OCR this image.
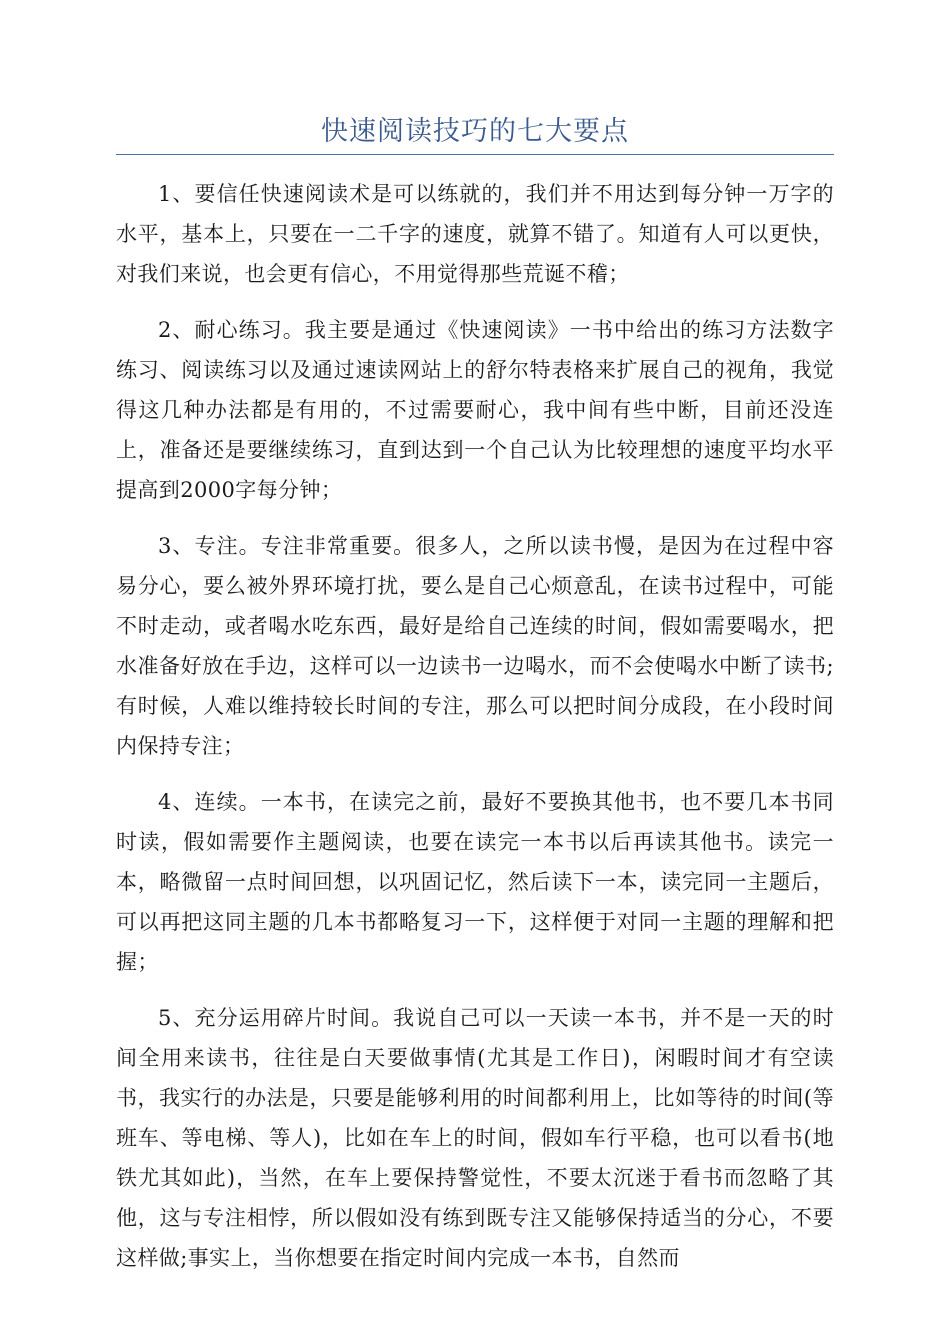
快速阅读技巧的七大要点

1、要信任快速阅读术是可以练就的，我们并不用达到每分钟一万字的水平，基本上，只要在一二千字的速度，就算不错了。知道有人可以更快，对我们来说，也会更有信心，不用觉得那些荒诞不稽；

2、耐心练习。我主要是通过《快速阅读》一书中给出的练习方法数字练习、阅读练习以及通过速读网站上的舒尔特表格来扩展自己的视角，我觉得这几种办法都是有用的，不过需要耐心，我中间有些中断，目前还没连上，准备还是要继续练习，直到达到一个自己认为比较理想的速度平均水平提高到2000字每分钟；

3、专注。专注非常重要。很多人，之所以读书慢，是因为在过程中容易分心，要么被外界环境打扰，要么是自己心烦意乱，在读书过程中，可能不时走动，或者喝水吃东西，最好是给自己连续的时间，假如需要喝水，把水准备好放在手边，这样可以一边读书一边喝水，而不会使喝水中断了读书;有时候，人难以维持较长时间的专注，那么可以把时间分成段，在小段时间内保持专注；

4、连续。一本书，在读完之前，最好不要换其他书，也不要几本书同时读，假如需要作主题阅读，也要在读完一本书以后再读其他书。读完一本，略微留一点时间回想，以巩固记忆，然后读下一本，读完同一主题后，可以再把这同主题的几本书都略复习一下，这样便于对同一主题的理解和把握；

5、充分运用碎片时间。我说自己可以一天读一本书，并不是一天的时间全用来读书，往往是白天要做事情(尤其是工作日)，闲暇时间才有空读书，我实行的办法是，只要是能够利用的时间都利用上，比如等待的时间(等班车、等电梯、等人)，比如在车上的时间，假如车行平稳，也可以看书(地铁尤其如此)，当然，在车上要保持警觉性，不要太沉迷于看书而忽略了其他，这与专注相悖，所以假如没有练到既专注又能够保持适当的分心，不要这样做;事实上，当你想要在指定时间内完成一本书，自然而
